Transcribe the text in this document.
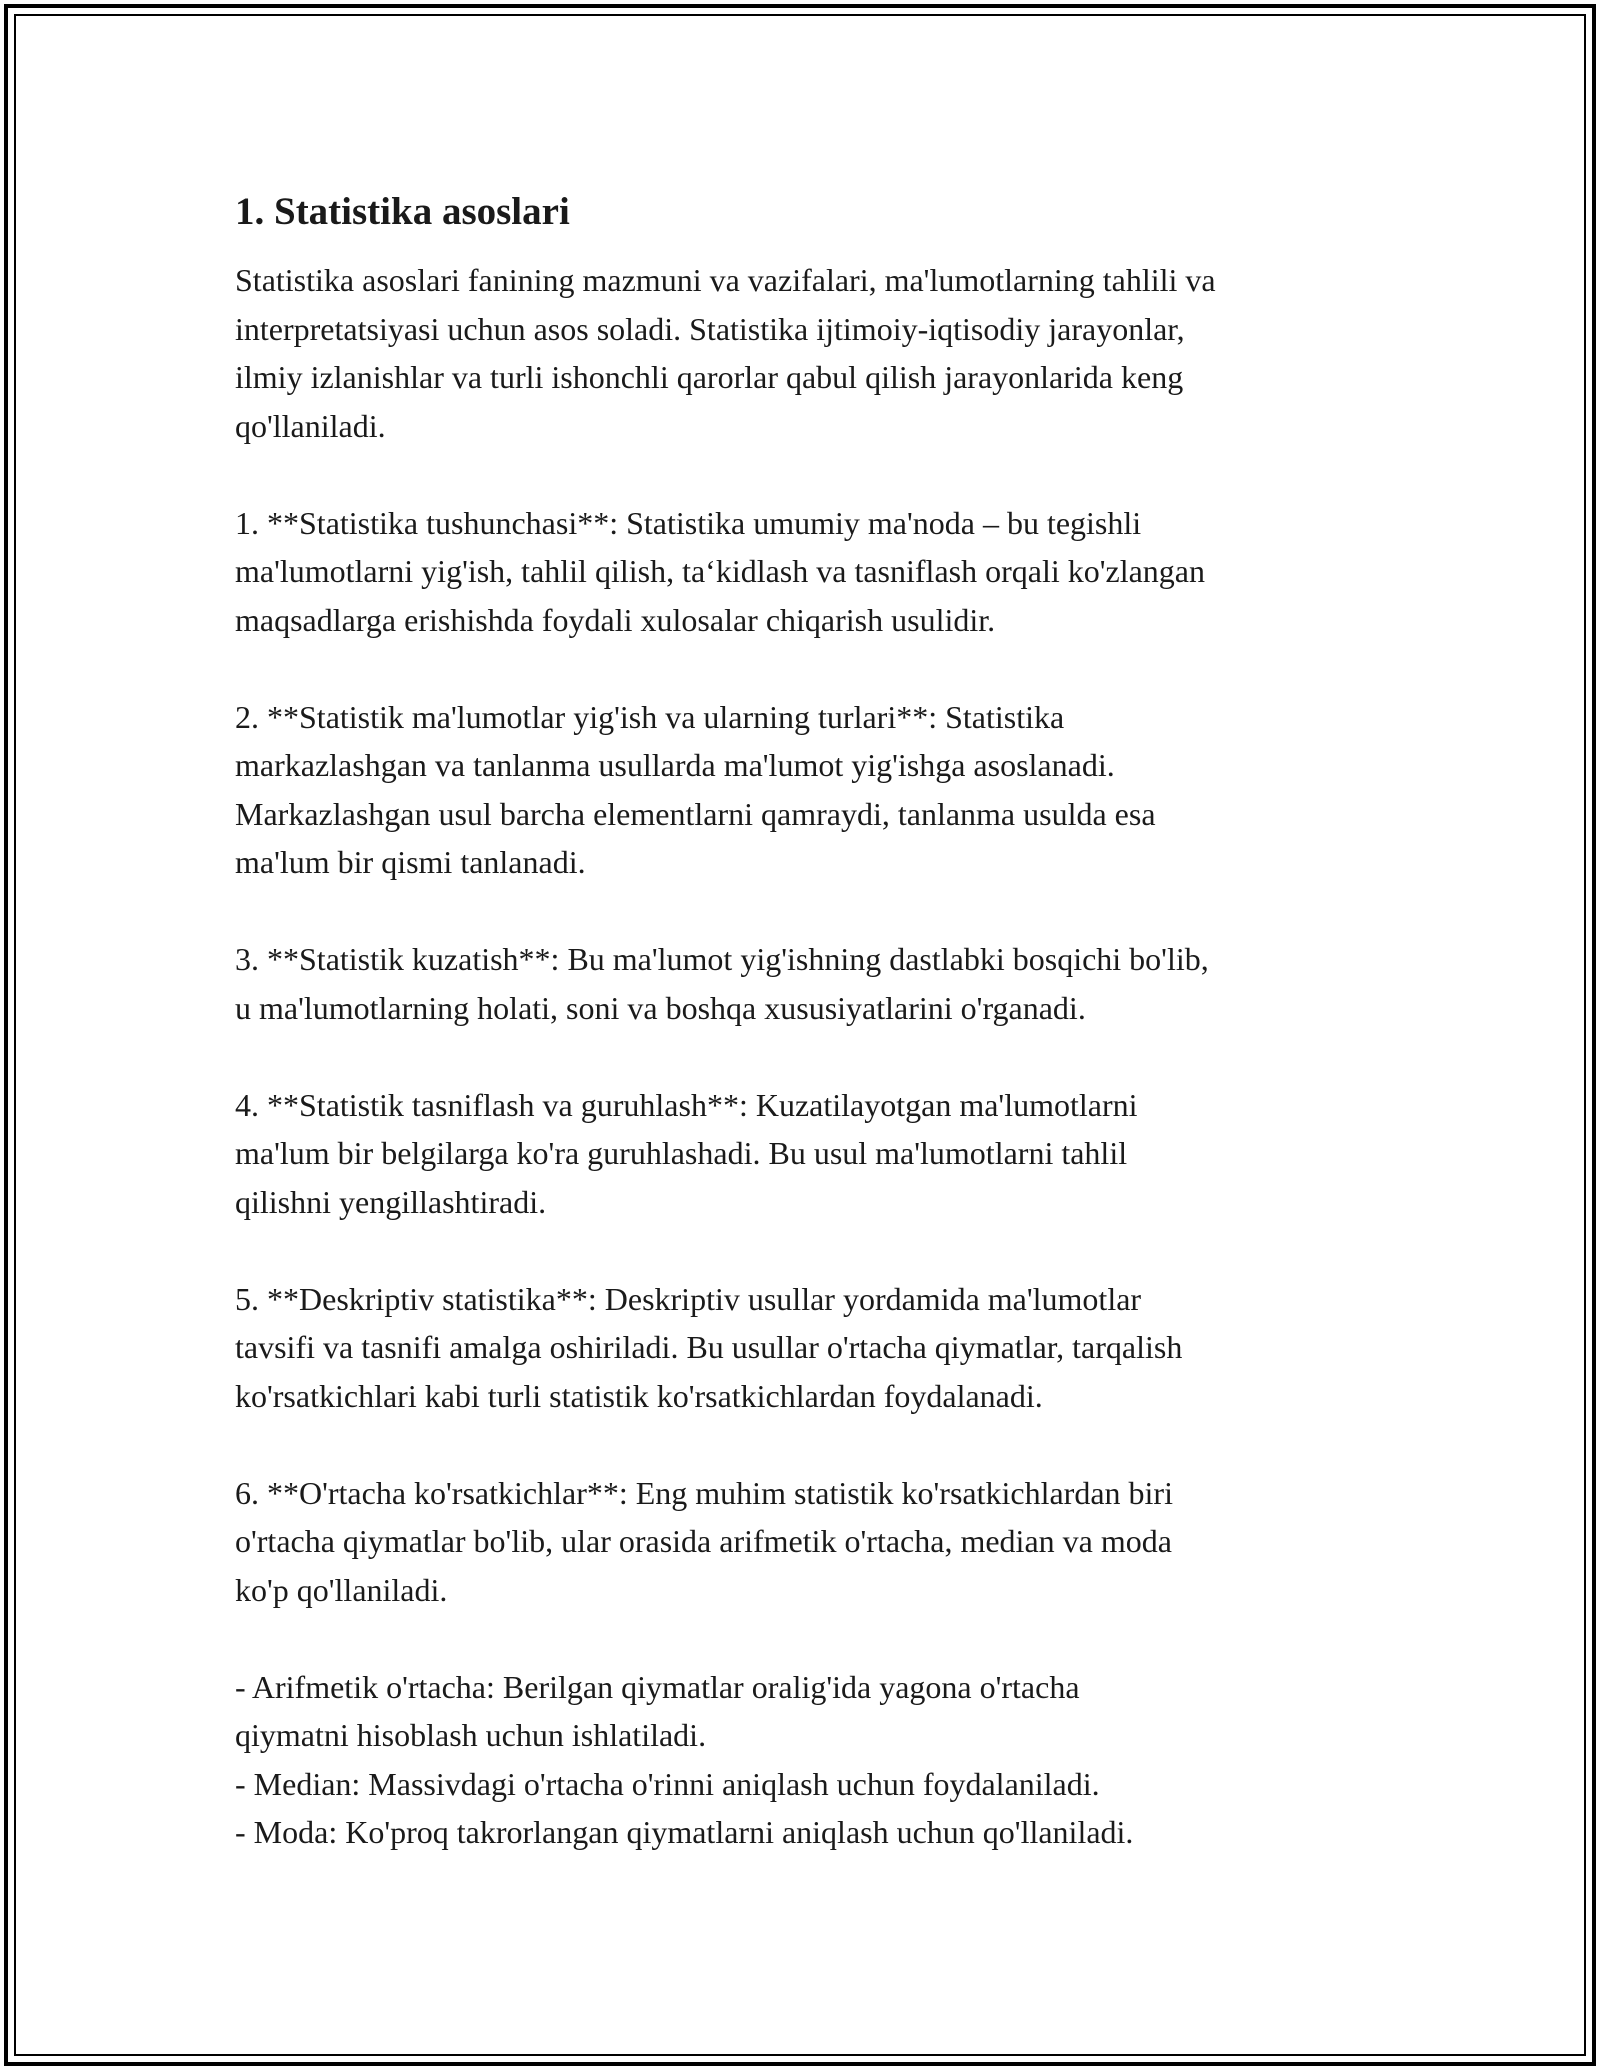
1. Statistika asoslari

Statistika asoslari fanining mazmuni va vazifalari, ma'lumotlarning tahlili va
interpretatsiyasi uchun asos soladi. Statistika ijtimoiy-iqtisodiy jarayonlar,
ilmiy izlanishlar va turli ishonchli qarorlar qabul qilish jarayonlarida keng
qo'llaniladi.

1. **Statistika tushunchasi**: Statistika umumiy ma'noda – bu tegishli
ma'lumotlarni yig'ish, tahlil qilish, ta‘kidlash va tasniflash orqali ko'zlangan
maqsadlarga erishishda foydali xulosalar chiqarish usulidir.

2. **Statistik ma'lumotlar yig'ish va ularning turlari**: Statistika
markazlashgan va tanlanma usullarda ma'lumot yig'ishga asoslanadi.
Markazlashgan usul barcha elementlarni qamraydi, tanlanma usulda esa
ma'lum bir qismi tanlanadi.

3. **Statistik kuzatish**: Bu ma'lumot yig'ishning dastlabki bosqichi bo'lib,
u ma'lumotlarning holati, soni va boshqa xususiyatlarini o'rganadi.

4. **Statistik tasniflash va guruhlash**: Kuzatilayotgan ma'lumotlarni
ma'lum bir belgilarga ko'ra guruhlashadi. Bu usul ma'lumotlarni tahlil
qilishni yengillashtiradi.

5. **Deskriptiv statistika**: Deskriptiv usullar yordamida ma'lumotlar
tavsifi va tasnifi amalga oshiriladi. Bu usullar o'rtacha qiymatlar, tarqalish
ko'rsatkichlari kabi turli statistik ko'rsatkichlardan foydalanadi.

6. **O'rtacha ko'rsatkichlar**: Eng muhim statistik ko'rsatkichlardan biri
o'rtacha qiymatlar bo'lib, ular orasida arifmetik o'rtacha, median va moda
ko'p qo'llaniladi.

- Arifmetik o'rtacha: Berilgan qiymatlar oralig'ida yagona o'rtacha
qiymatni hisoblash uchun ishlatiladi.
- Median: Massivdagi o'rtacha o'rinni aniqlash uchun foydalaniladi.
- Moda: Ko'proq takrorlangan qiymatlarni aniqlash uchun qo'llaniladi.
